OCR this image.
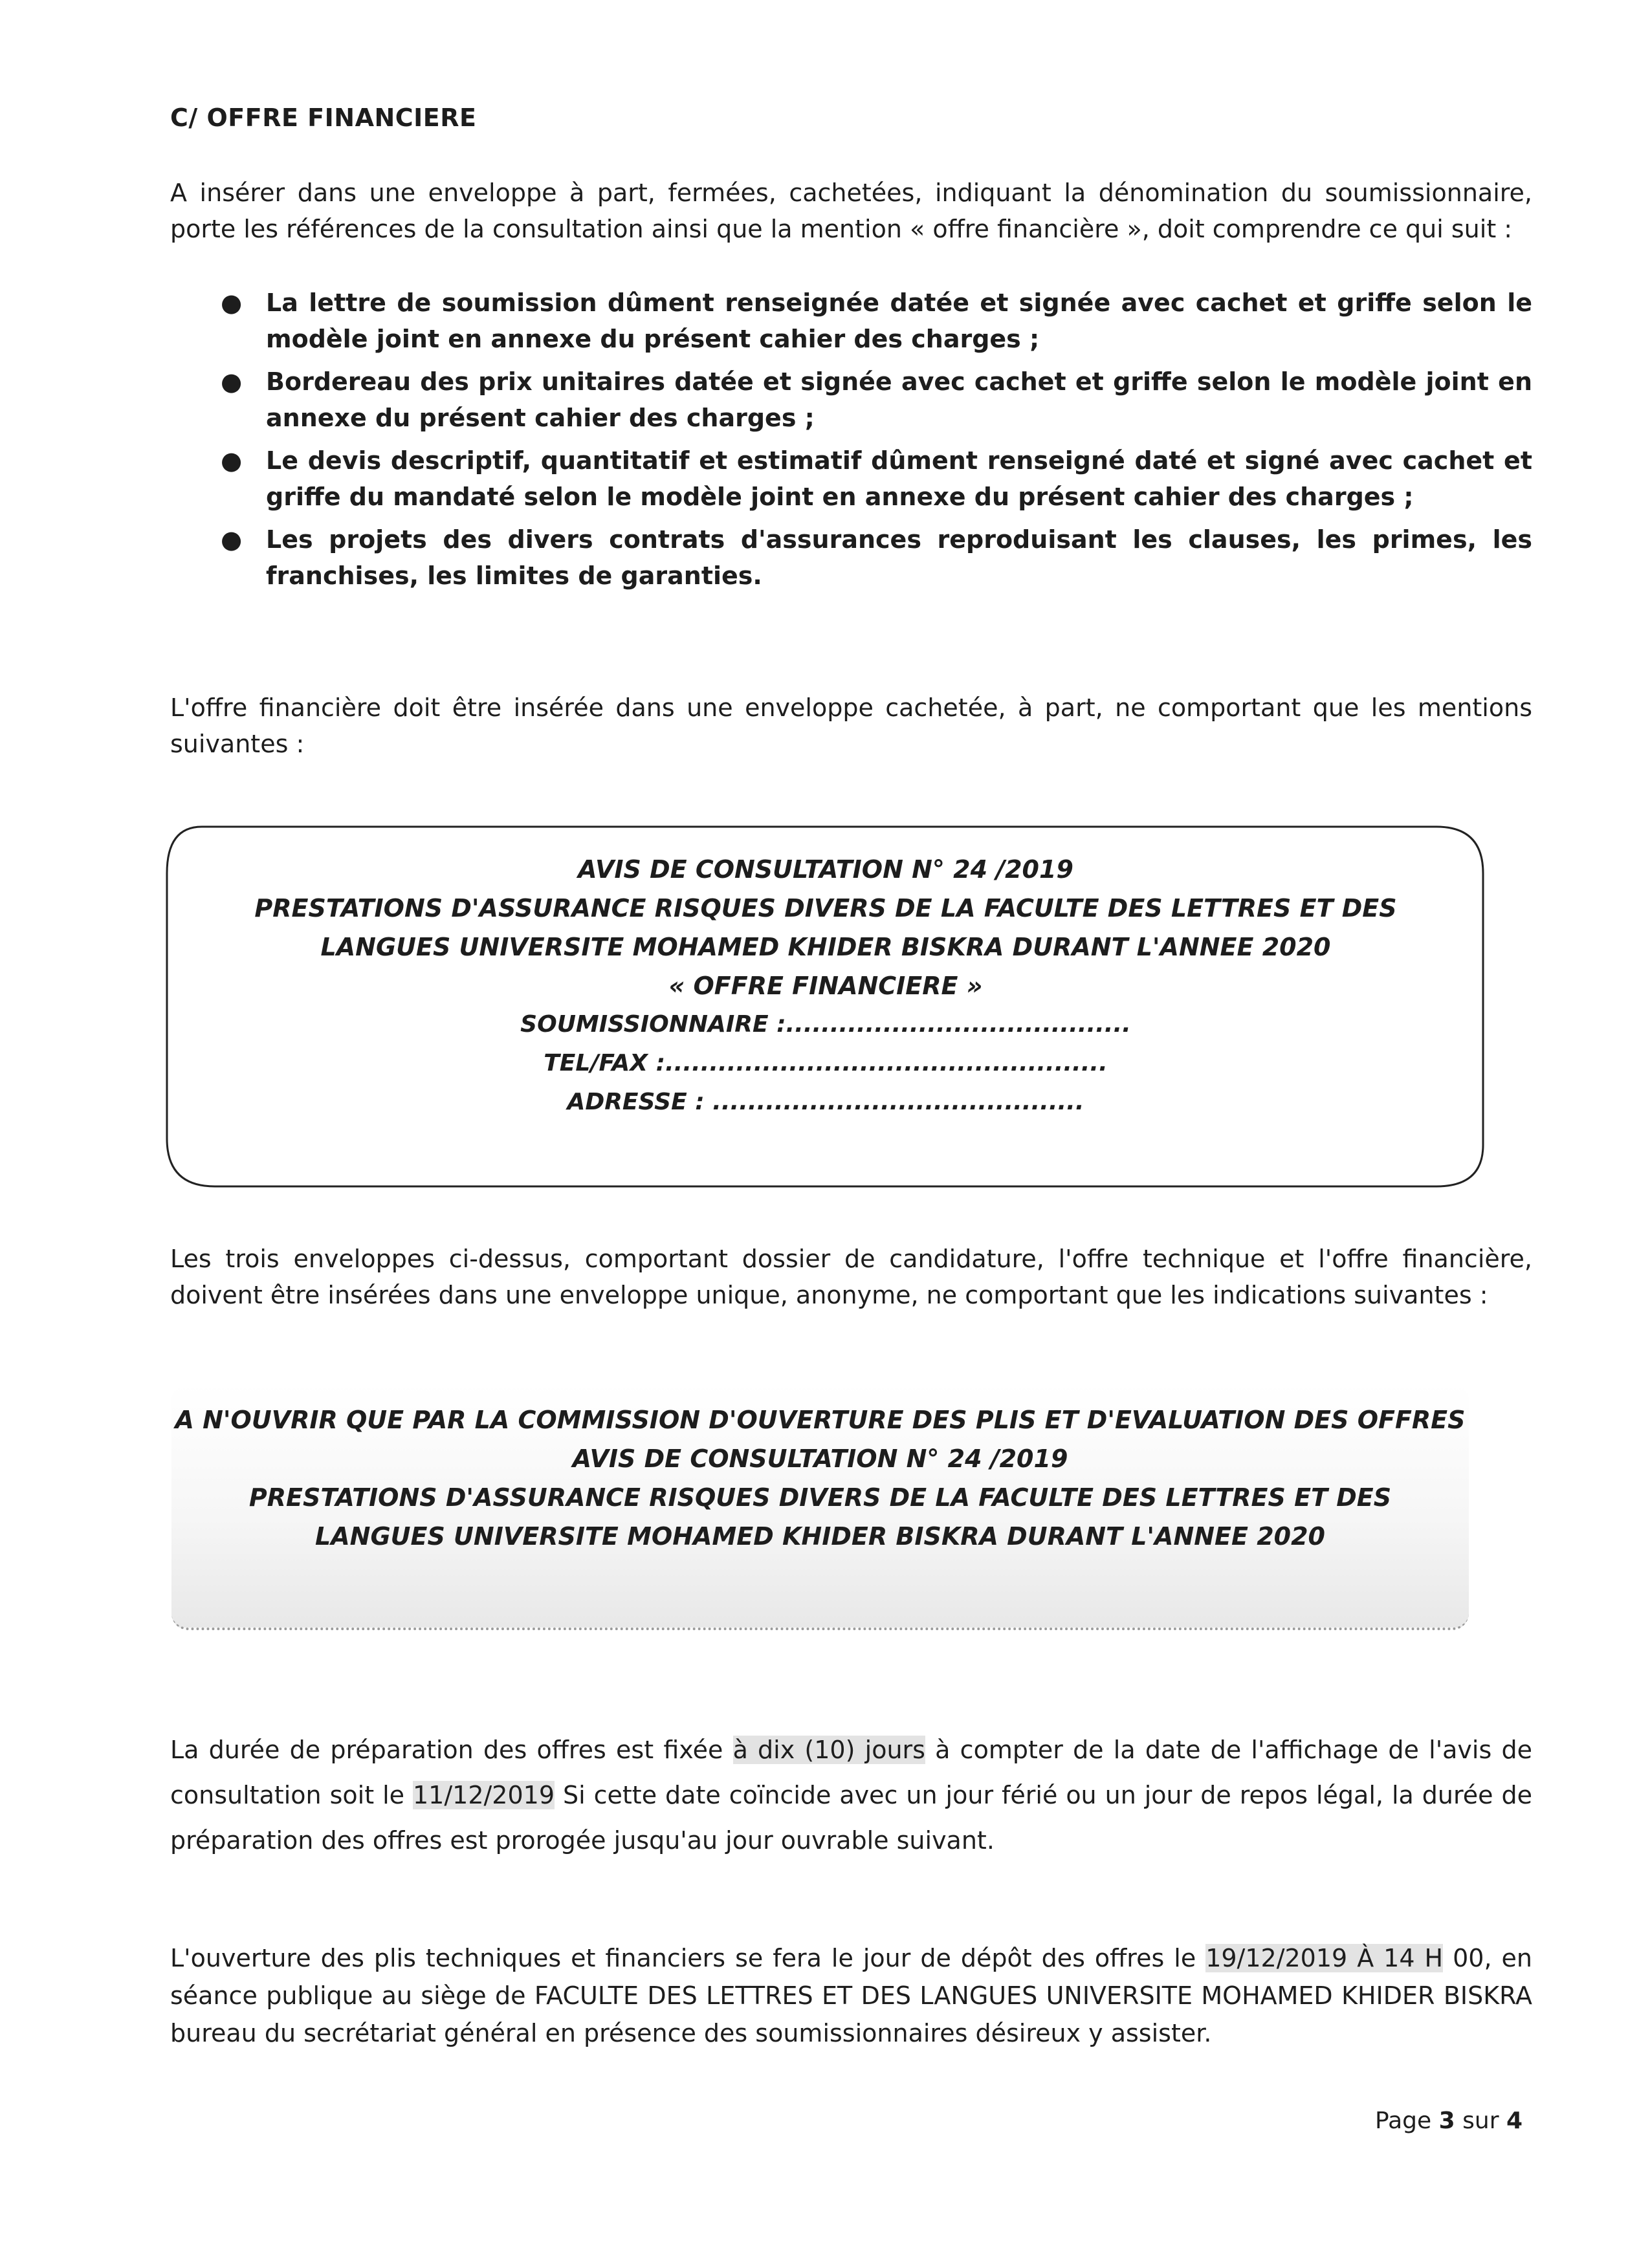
C/ OFFRE FINANCIERE
A insérer dans une enveloppe à part, fermées, cachetées, indiquant la dénomination du soumissionnaire, porte les références de la consultation ainsi que la mention « offre financière », doit comprendre ce qui suit :
● La lettre de soumission dûment renseignée datée et signée avec cachet et griffe selon le modèle joint en annexe du présent cahier des charges ;
● Bordereau des prix unitaires datée et signée avec cachet et griffe selon le modèle joint en annexe du présent cahier des charges ;
● Le devis descriptif, quantitatif et estimatif dûment renseigné daté et signé avec cachet et griffe du mandaté selon le modèle joint en annexe du présent cahier des charges ;
● Les projets des divers contrats d'assurances reproduisant les clauses, les primes, les franchises, les limites de garanties.
L'offre financière doit être insérée dans une enveloppe cachetée, à part, ne comportant que les mentions suivantes :
AVIS DE CONSULTATION N° 24 /2019
PRESTATIONS D'ASSURANCE RISQUES DIVERS DE LA FACULTE DES LETTRES ET DES
LANGUES UNIVERSITE MOHAMED KHIDER BISKRA DURANT L'ANNEE 2020
« OFFRE FINANCIERE »
SOUMISSIONNAIRE :.......................................
TEL/FAX :..................................................
ADRESSE : ..........................................
Les trois enveloppes ci-dessus, comportant dossier de candidature, l'offre technique et l'offre financière, doivent être insérées dans une enveloppe unique, anonyme, ne comportant que les indications suivantes :
A N'OUVRIR QUE PAR LA COMMISSION D'OUVERTURE DES PLIS ET D'EVALUATION DES OFFRES
AVIS DE CONSULTATION N° 24 /2019
PRESTATIONS D'ASSURANCE RISQUES DIVERS DE LA FACULTE DES LETTRES ET DES
LANGUES UNIVERSITE MOHAMED KHIDER BISKRA DURANT L'ANNEE 2020
La durée de préparation des offres est fixée à dix (10) jours à compter de la date de l'affichage de l'avis de consultation soit le 11/12/2019 Si cette date coïncide avec un jour férié ou un jour de repos légal, la durée de préparation des offres est prorogée jusqu'au jour ouvrable suivant.
L'ouverture des plis techniques et financiers se fera le jour de dépôt des offres le 19/12/2019 À 14 H 00, en séance publique au siège de FACULTE DES LETTRES ET DES LANGUES UNIVERSITE MOHAMED KHIDER BISKRA bureau du secrétariat général en présence des soumissionnaires désireux y assister.
Page 3 sur 4
